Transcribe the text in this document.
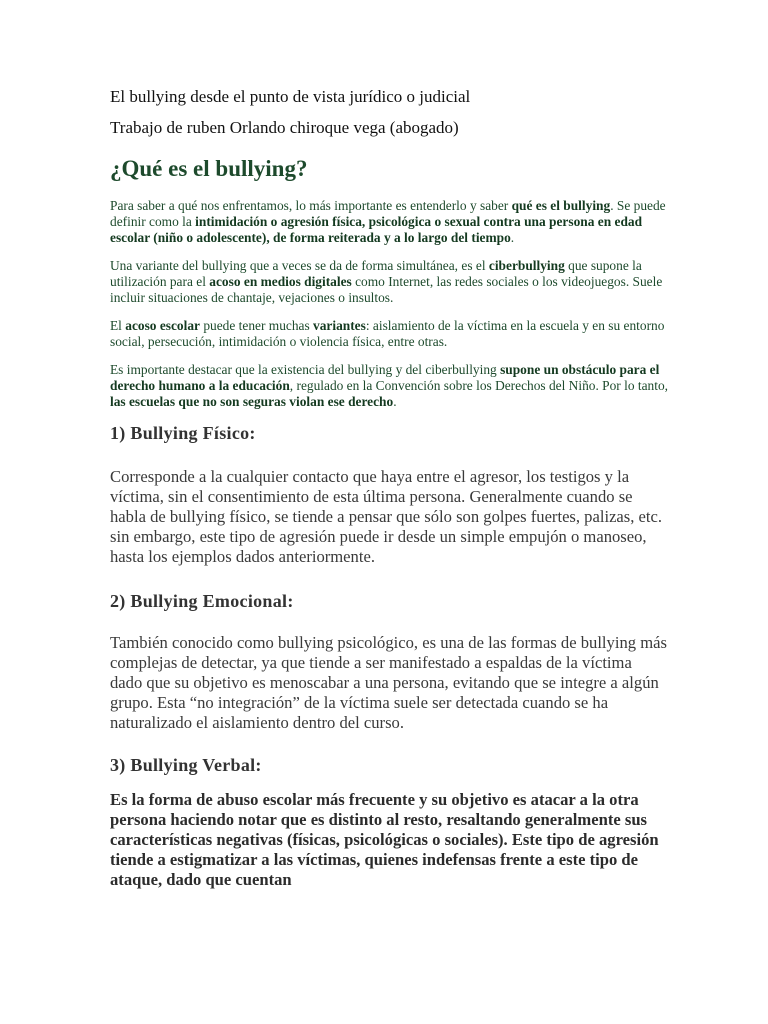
El bullying desde el punto de vista jurídico o judicial

Trabajo de ruben Orlando chiroque vega (abogado)

¿Qué es el bullying?

Para saber a qué nos enfrentamos, lo más importante es entenderlo y saber qué es el bullying. Se puede definir como la intimidación o agresión física, psicológica o sexual contra una persona en edad escolar (niño o adolescente), de forma reiterada y a lo largo del tiempo.

Una variante del bullying que a veces se da de forma simultánea, es el ciberbullying que supone la utilización para el acoso en medios digitales como Internet, las redes sociales o los videojuegos. Suele incluir situaciones de chantaje, vejaciones o insultos.

El acoso escolar puede tener muchas variantes: aislamiento de la víctima en la escuela y en su entorno social, persecución, intimidación o violencia física, entre otras.

Es importante destacar que la existencia del bullying y del ciberbullying supone un obstáculo para el derecho humano a la educación, regulado en la Convención sobre los Derechos del Niño. Por lo tanto, las escuelas que no son seguras violan ese derecho.

1) Bullying Físico:

Corresponde a la cualquier contacto que haya entre el agresor, los testigos y la víctima, sin el consentimiento de esta última persona. Generalmente cuando se habla de bullying físico, se tiende a pensar que sólo son golpes fuertes, palizas, etc. sin embargo, este tipo de agresión puede ir desde un simple empujón o manoseo, hasta los ejemplos dados anteriormente.

2) Bullying Emocional:

También conocido como bullying psicológico, es una de las formas de bullying más complejas de detectar, ya que tiende a ser manifestado a espaldas de la víctima dado que su objetivo es menoscabar a una persona, evitando que se integre a algún grupo. Esta “no integración” de la víctima suele ser detectada cuando se ha naturalizado el aislamiento dentro del curso.

3) Bullying Verbal:

Es la forma de abuso escolar más frecuente y su objetivo es atacar a la otra persona haciendo notar que es distinto al resto, resaltando generalmente sus características negativas (físicas, psicológicas o sociales). Este tipo de agresión tiende a estigmatizar a las víctimas, quienes indefensas frente a este tipo de ataque, dado que cuentan
